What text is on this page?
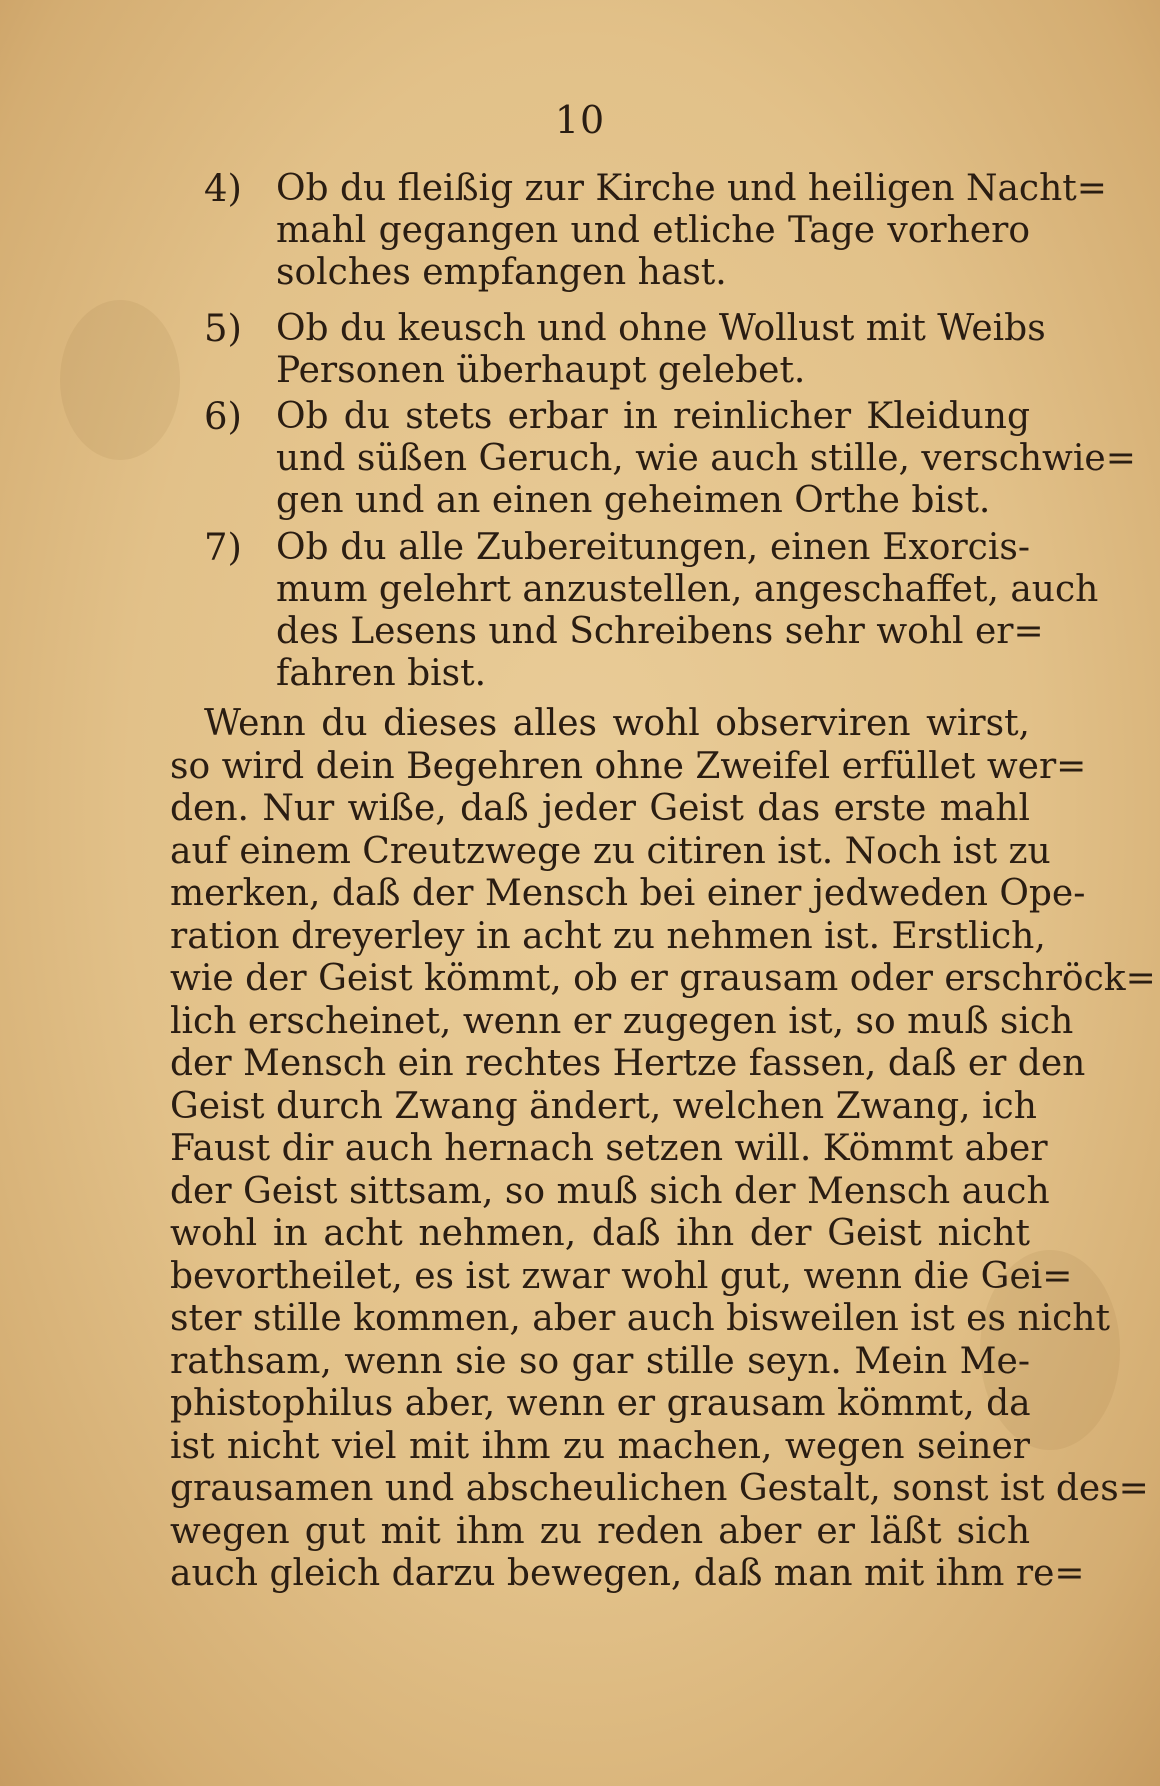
10
4) Ob du fleißig zur Kirche und heiligen Nacht=
mahl gegangen und etliche Tage vorhero
solches empfangen hast.
5) Ob du keusch und ohne Wollust mit Weibs
Personen überhaupt gelebet.
6) Ob du stets erbar in reinlicher Kleidung
und süßen Geruch, wie auch stille, verschwie=
gen und an einen geheimen Orthe bist.
7) Ob du alle Zubereitungen, einen Exorcis-
mum gelehrt anzustellen, angeschaffet, auch
des Lesens und Schreibens sehr wohl er=
fahren bist.
Wenn du dieses alles wohl observiren wirst,
so wird dein Begehren ohne Zweifel erfüllet wer=
den. Nur wiße, daß jeder Geist das erste mahl
auf einem Creutzwege zu citiren ist. Noch ist zu
merken, daß der Mensch bei einer jedweden Ope-
ration dreyerley in acht zu nehmen ist. Erstlich,
wie der Geist kömmt, ob er grausam oder erschröck=
lich erscheinet, wenn er zugegen ist, so muß sich
der Mensch ein rechtes Hertze fassen, daß er den
Geist durch Zwang ändert, welchen Zwang, ich
Faust dir auch hernach setzen will. Kömmt aber
der Geist sittsam, so muß sich der Mensch auch
wohl in acht nehmen, daß ihn der Geist nicht
bevortheilet, es ist zwar wohl gut, wenn die Gei=
ster stille kommen, aber auch bisweilen ist es nicht
rathsam, wenn sie so gar stille seyn. Mein Me-
phistophilus aber, wenn er grausam kömmt, da
ist nicht viel mit ihm zu machen, wegen seiner
grausamen und abscheulichen Gestalt, sonst ist des=
wegen gut mit ihm zu reden aber er läßt sich
auch gleich darzu bewegen, daß man mit ihm re=
